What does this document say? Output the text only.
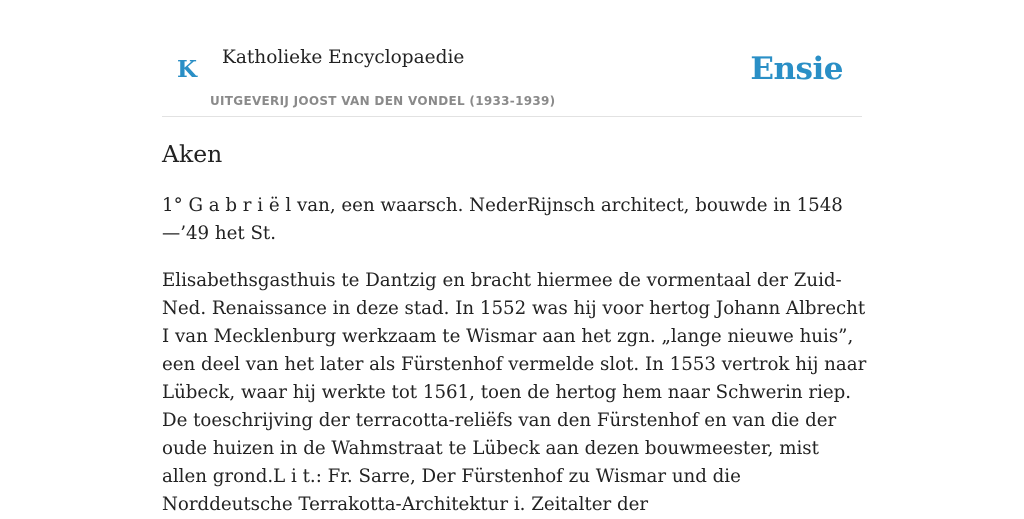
K Katholieke Encyclopaedie
UITGEVERIJ JOOST VAN DEN VONDEL (1933-1939)
Ensie
Aken

1° G a b r i ë l van, een waarsch. NederRijnsch architect, bouwde in 1548—’49 het St.

Elisabethsgasthuis te Dantzig en bracht hiermee de vormentaal der Zuid-Ned. Renaissance in deze stad. In 1552 was hij voor hertog Johann Albrecht I van Mecklenburg werkzaam te Wismar aan het zgn. „lange nieuwe huis”, een deel van het later als Fürstenhof vermelde slot. In 1553 vertrok hij naar Lübeck, waar hij werkte tot 1561, toen de hertog hem naar Schwerin riep. De toeschrijving der terracotta-reliëfs van den Fürstenhof en van die der oude huizen in de Wahmstraat te Lübeck aan dezen bouwmeester, mist allen grond.L i t.: Fr. Sarre, Der Fürstenhof zu Wismar und die Norddeutsche Terrakotta-Architektur i. Zeitalter der
